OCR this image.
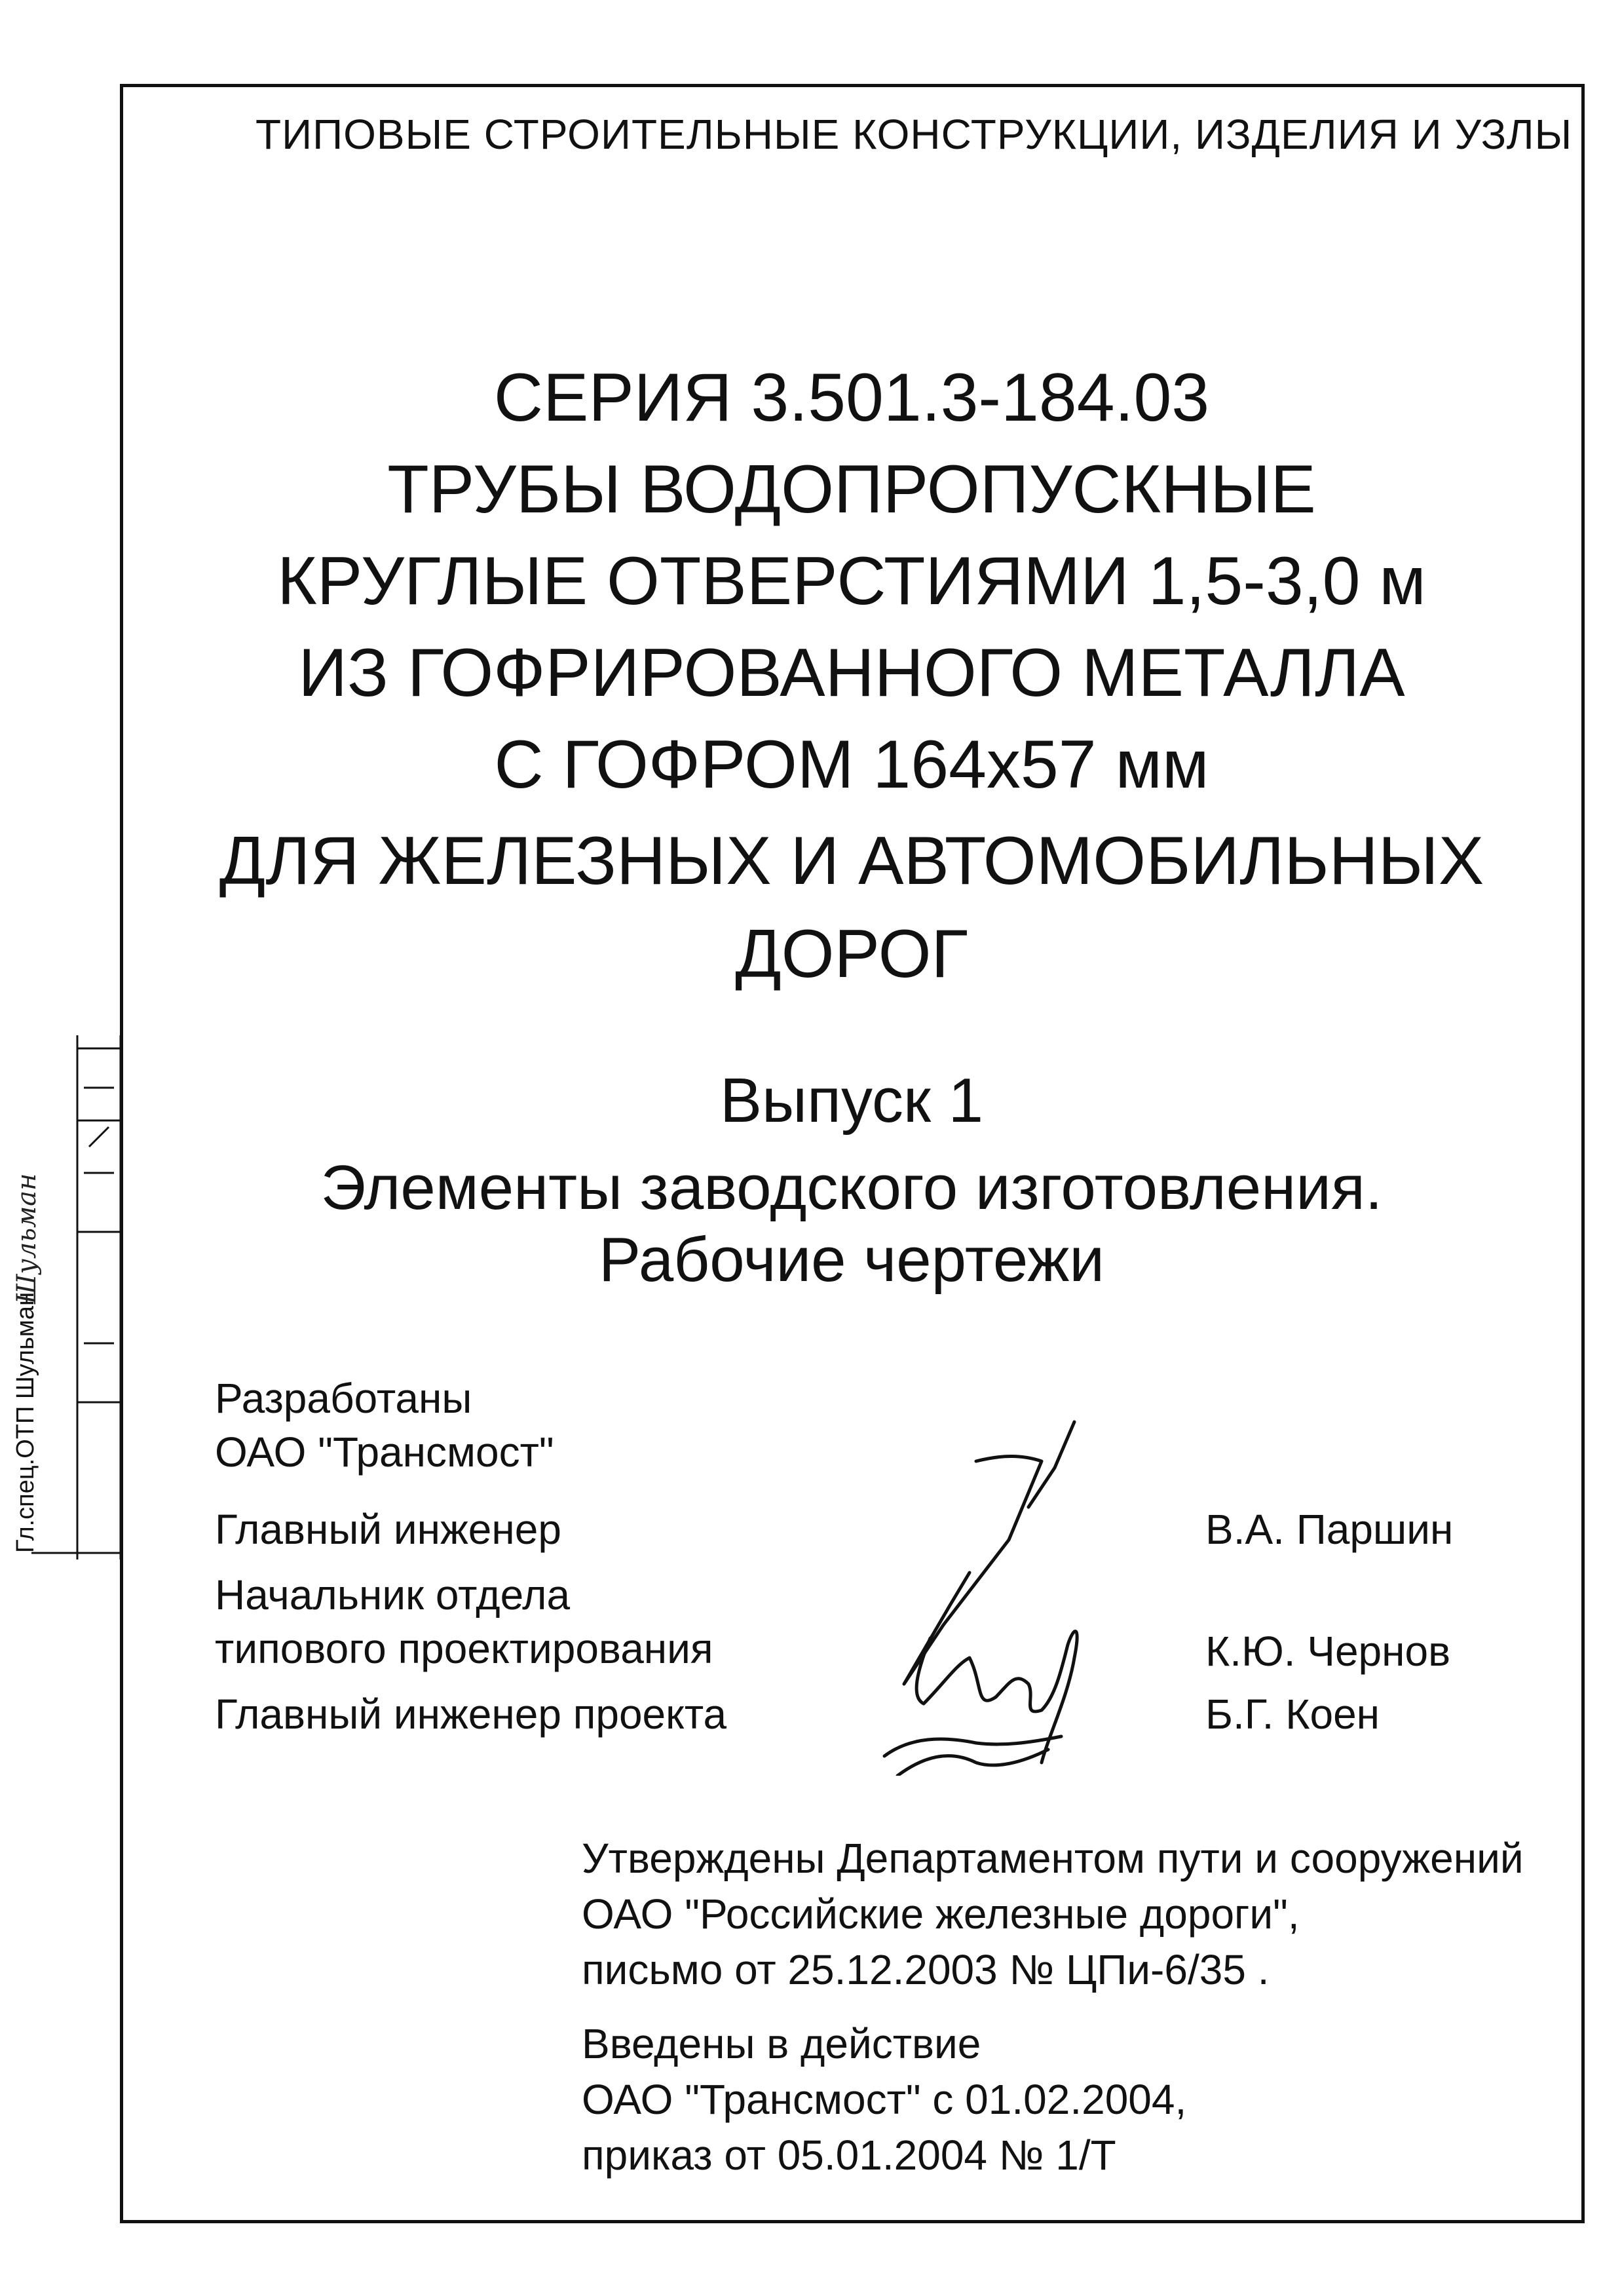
ТИПОВЫЕ СТРОИТЕЛЬНЫЕ КОНСТРУКЦИИ, ИЗДЕЛИЯ И УЗЛЫ
СЕРИЯ 3.501.3-184.03
ТРУБЫ ВОДОПРОПУСКНЫЕ
КРУГЛЫЕ ОТВЕРСТИЯМИ 1,5-3,0 м
ИЗ ГОФРИРОВАННОГО МЕТАЛЛА
С ГОФРОМ 164х57 мм
ДЛЯ ЖЕЛЕЗНЫХ И АВТОМОБИЛЬНЫХ
ДОРОГ
Выпуск 1
Элементы заводского изготовления.
Рабочие чертежи
Разработаны
ОАО "Трансмост"
Главный инженер	В.А. Паршин
Начальник отдела
типового проектирования	К.Ю. Чернов
Главный инженер проекта	Б.Г. Коен
Утверждены Департаментом пути и сооружений
ОАО "Российские железные дороги",
письмо от 25.12.2003 № ЦПи-6/35 .
Введены в действие
ОАО "Трансмост" с 01.02.2004,
приказ от 05.01.2004 № 1/Т
Гл.спец.ОТП Шульман
Шульман
